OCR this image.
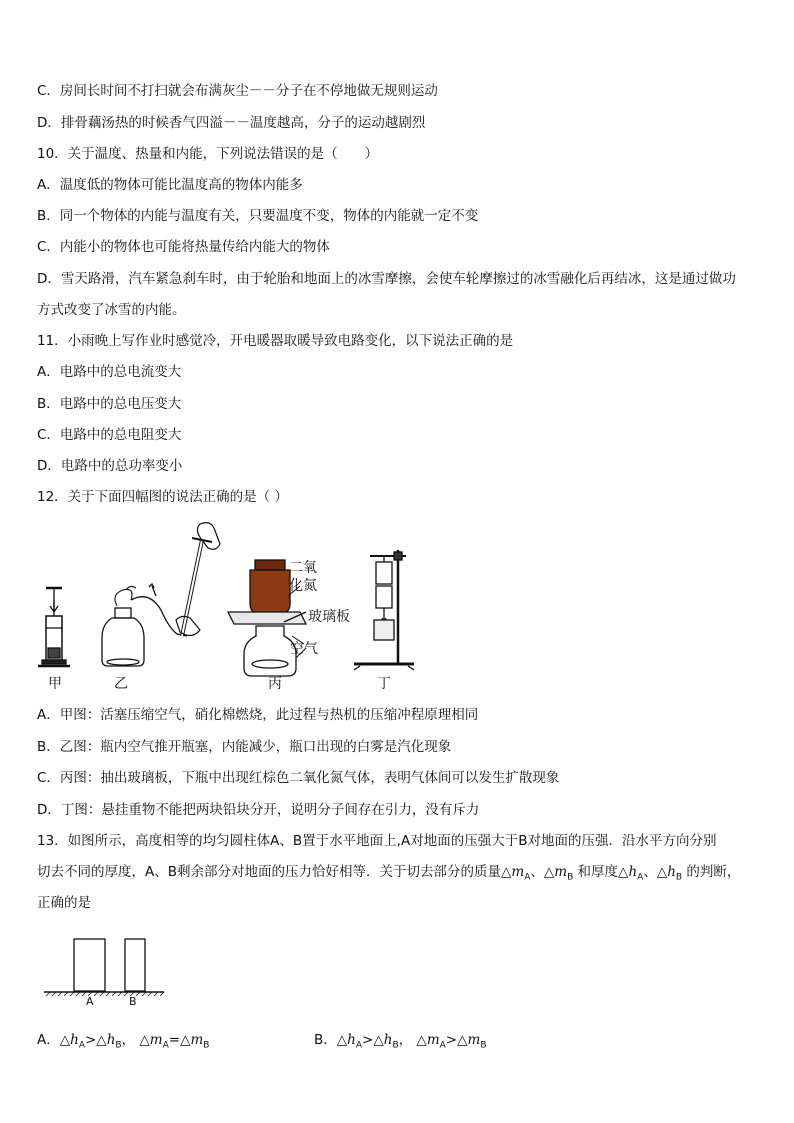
C．房间长时间不打扫就会布满灰尘－－分子在不停地做无规则运动
D．排骨藕汤热的时候香气四溢－－温度越高，分子的运动越剧烈
10．关于温度、热量和内能，下列说法错误的是（　　）
A．温度低的物体可能比温度高的物体内能多
B．同一个物体的内能与温度有关，只要温度不变，物体的内能就一定不变
C．内能小的物体也可能将热量传给内能大的物体
D．雪天路滑，汽车紧急刹车时，由于轮胎和地面上的冰雪摩擦，会使车轮摩擦过的冰雪融化后再结冰，这是通过做功
方式改变了冰雪的内能。
11．小雨晚上写作业时感觉冷，开电暖器取暖导致电路变化，以下说法正确的是
A．电路中的总电流变大
B．电路中的总电压变大
C．电路中的总电阻变大
D．电路中的总功率变小
12．关于下面四幅图的说法正确的是（ ）
甲	乙	丙	丁
二氧
化氮
玻璃板
空气
A．甲图：活塞压缩空气，硝化棉燃烧，此过程与热机的压缩冲程原理相同
B．乙图：瓶内空气推开瓶塞，内能减少，瓶口出现的白雾是汽化现象
C．丙图：抽出玻璃板，下瓶中出现红棕色二氧化氮气体，表明气体间可以发生扩散现象
D．丁图：悬挂重物不能把两块铅块分开，说明分子间存在引力，没有斥力
13．如图所示，高度相等的均匀圆柱体A、B置于水平地面上,A对地面的压强大于B对地面的压强．沿水平方向分别
切去不同的厚度，A、B剩余部分对地面的压力恰好相等．关于切去部分的质量$\triangle m_A$、$\triangle m_B$ 和厚度$\triangle h_A$、$\triangle h_B$ 的判断，
正确的是
A	B
A．$\triangle h_A>\triangle h_B$， $\triangle m_A=\triangle m_B$	B．$\triangle h_A>\triangle h_B$， $\triangle m_A>\triangle m_B$
